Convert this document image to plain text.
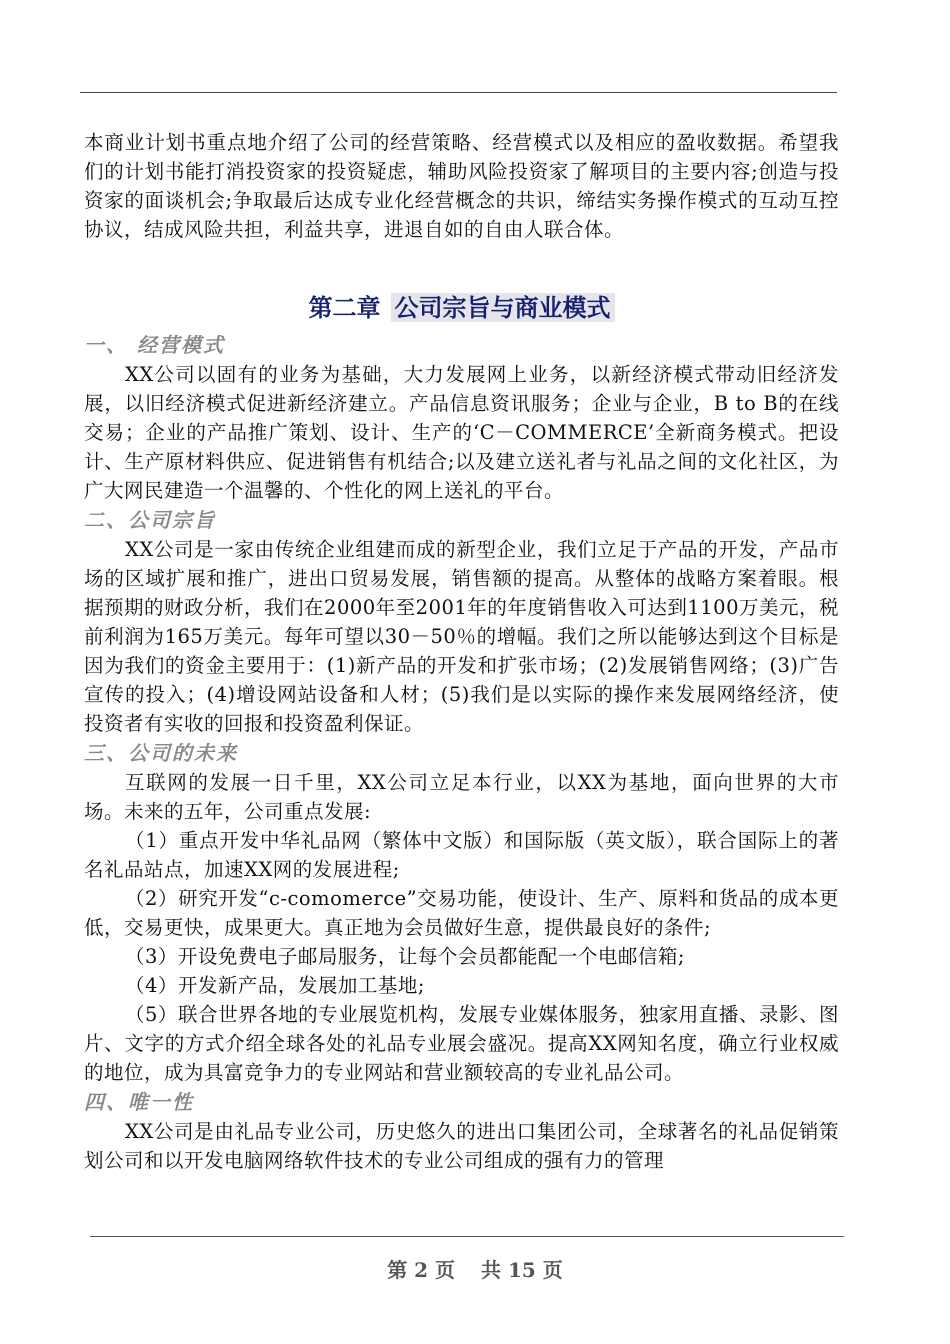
本商业计划书重点地介绍了公司的经营策略、经营模式以及相应的盈收数据。希望我们的计划书能打消投资家的投资疑虑，辅助风险投资家了解项目的主要内容;创造与投资家的面谈机会;争取最后达成专业化经营概念的共识，缔结实务操作模式的互动互控协议，结成风险共担，利益共享，进退自如的自由人联合体。

第二章 公司宗旨与商业模式
一、 经营模式

XX公司以固有的业务为基础，大力发展网上业务，以新经济模式带动旧经济发展，以旧经济模式促进新经济建立。产品信息资讯服务；企业与企业，B to B的在线交易；企业的产品推广策划、设计、生产的‘C－COMMERCE’全新商务模式。把设计、生产原材料供应、促进销售有机结合;以及建立送礼者与礼品之间的文化社区，为广大网民建造一个温馨的、个性化的网上送礼的平台。

二、公司宗旨

XX公司是一家由传统企业组建而成的新型企业，我们立足于产品的开发，产品市场的区域扩展和推广，进出口贸易发展，销售额的提高。从整体的战略方案着眼。根据预期的财政分析，我们在2000年至2001年的年度销售收入可达到1100万美元，税前利润为165万美元。每年可望以30－50％的增幅。我们之所以能够达到这个目标是因为我们的资金主要用于：(1)新产品的开发和扩张市场；(2)发展销售网络；(3)广告宣传的投入；(4)增设网站设备和人材；(5)我们是以实际的操作来发展网络经济，使投资者有实收的回报和投资盈利保证。

三、公司的未来

互联网的发展一日千里，XX公司立足本行业，以XX为基地，面向世界的大市场。未来的五年，公司重点发展:

（1）重点开发中华礼品网（繁体中文版）和国际版（英文版），联合国际上的著名礼品站点，加速XX网的发展进程;

（2）研究开发“c-comomerce”交易功能，使设计、生产、原料和货品的成本更低，交易更快，成果更大。真正地为会员做好生意，提供最良好的条件;

（3）开设免费电子邮局服务，让每个会员都能配一个电邮信箱;

（4）开发新产品，发展加工基地;

（5）联合世界各地的专业展览机构，发展专业媒体服务，独家用直播、录影、图片、文字的方式介绍全球各处的礼品专业展会盛况。提高XX网知名度，确立行业权威的地位，成为具富竞争力的专业网站和营业额较高的专业礼品公司。

四、唯一性

XX公司是由礼品专业公司，历史悠久的进出口集团公司，全球著名的礼品促销策划公司和以开发电脑网络软件技术的专业公司组成的强有力的管理

第 2 页 共 15 页
